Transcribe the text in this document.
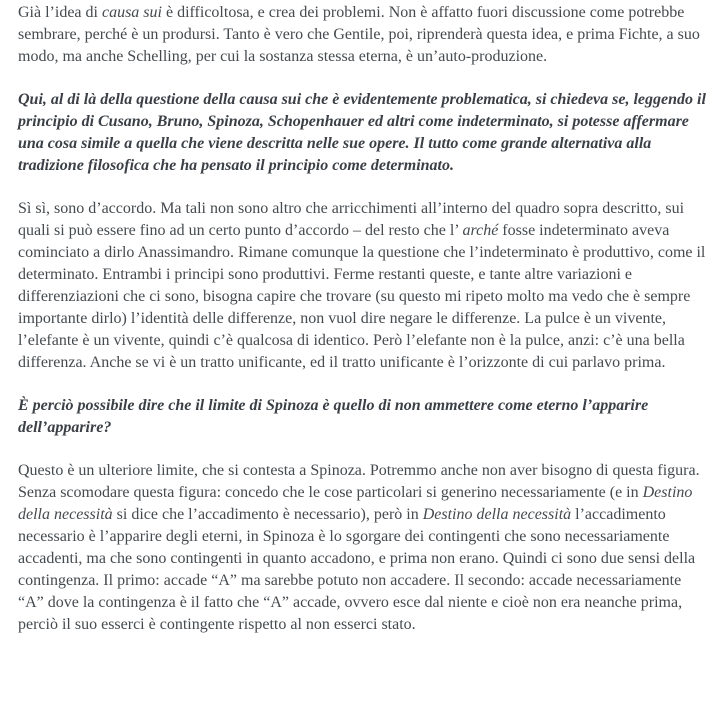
Già l’idea di causa sui è difficoltosa, e crea dei problemi. Non è affatto fuori discussione come potrebbe sembrare, perché è un prodursi. Tanto è vero che Gentile, poi, riprenderà questa idea, e prima Fichte, a suo modo, ma anche Schelling, per cui la sostanza stessa eterna, è un’auto-produzione.

Qui, al di là della questione della causa sui che è evidentemente problematica, si chiedeva se, leggendo il principio di Cusano, Bruno, Spinoza, Schopenhauer ed altri come indeterminato, si potesse affermare una cosa simile a quella che viene descritta nelle sue opere. Il tutto come grande alternativa alla tradizione filosofica che ha pensato il principio come determinato.

Sì sì, sono d’accordo. Ma tali non sono altro che arricchimenti all’interno del quadro sopra descritto, sui quali si può essere fino ad un certo punto d’accordo – del resto che l’ arché fosse indeterminato aveva cominciato a dirlo Anassimandro. Rimane comunque la questione che l’indeterminato è produttivo, come il determinato. Entrambi i principi sono produttivi. Ferme restanti queste, e tante altre variazioni e differenziazioni che ci sono, bisogna capire che trovare (su questo mi ripeto molto ma vedo che è sempre importante dirlo) l’identità delle differenze, non vuol dire negare le differenze. La pulce è un vivente, l’elefante è un vivente, quindi c’è qualcosa di identico. Però l’elefante non è la pulce, anzi: c’è una bella differenza. Anche se vi è un tratto unificante, ed il tratto unificante è l’orizzonte di cui parlavo prima.

È perciò possibile dire che il limite di Spinoza è quello di non ammettere come eterno l’apparire dell’apparire?

Questo è un ulteriore limite, che si contesta a Spinoza. Potremmo anche non aver bisogno di questa figura. Senza scomodare questa figura: concedo che le cose particolari si generino necessariamente (e in Destino della necessità si dice che l’accadimento è necessario), però in Destino della necessità l’accadimento necessario è l’apparire degli eterni, in Spinoza è lo sgorgare dei contingenti che sono necessariamente accadenti, ma che sono contingenti in quanto accadono, e prima non erano. Quindi ci sono due sensi della contingenza. Il primo: accade “A” ma sarebbe potuto non accadere. Il secondo: accade necessariamente “A” dove la contingenza è il fatto che “A” accade, ovvero esce dal niente e cioè non era neanche prima, perciò il suo esserci è contingente rispetto al non esserci stato.
